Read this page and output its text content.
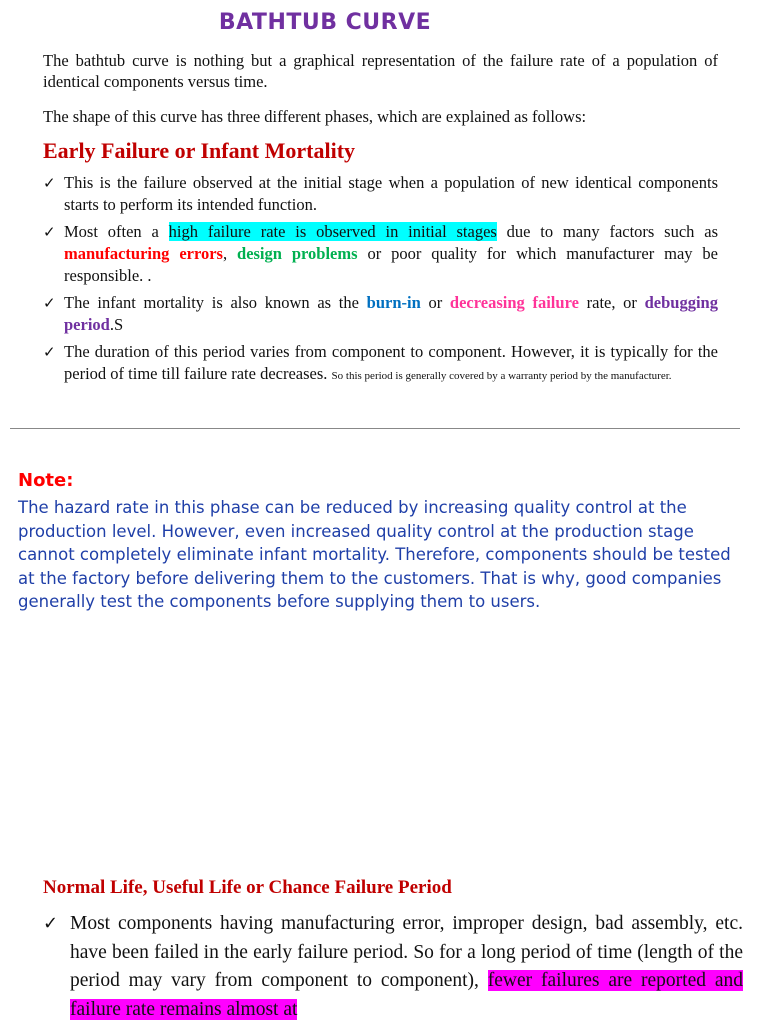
BATHTUB CURVE
The bathtub curve is nothing but a graphical representation of the failure rate of a population of identical components versus time.
The shape of this curve has three different phases, which are explained as follows:
Early Failure or Infant Mortality
✓ This is the failure observed at the initial stage when a population of new identical components starts to perform its intended function.
✓ Most often a high failure rate is observed in initial stages due to many factors such as manufacturing errors, design problems or poor quality for which manufacturer may be responsible. .
✓ The infant mortality is also known as the burn-in or decreasing failure rate, or debugging period.S
✓ The duration of this period varies from component to component. However, it is typically for the period of time till failure rate decreases. So this period is generally covered by a warranty period by the manufacturer.
Note:
The hazard rate in this phase can be reduced by increasing quality control at the production level. However, even increased quality control at the production stage cannot completely eliminate infant mortality. Therefore, components should be tested at the factory before delivering them to the customers. That is why, good companies generally test the components before supplying them to users.
Normal Life, Useful Life or Chance Failure Period
✓ Most components having manufacturing error, improper design, bad assembly, etc. have been failed in the early failure period. So for a long period of time (length of the period may vary from component to component), fewer failures are reported and failure rate remains almost at
